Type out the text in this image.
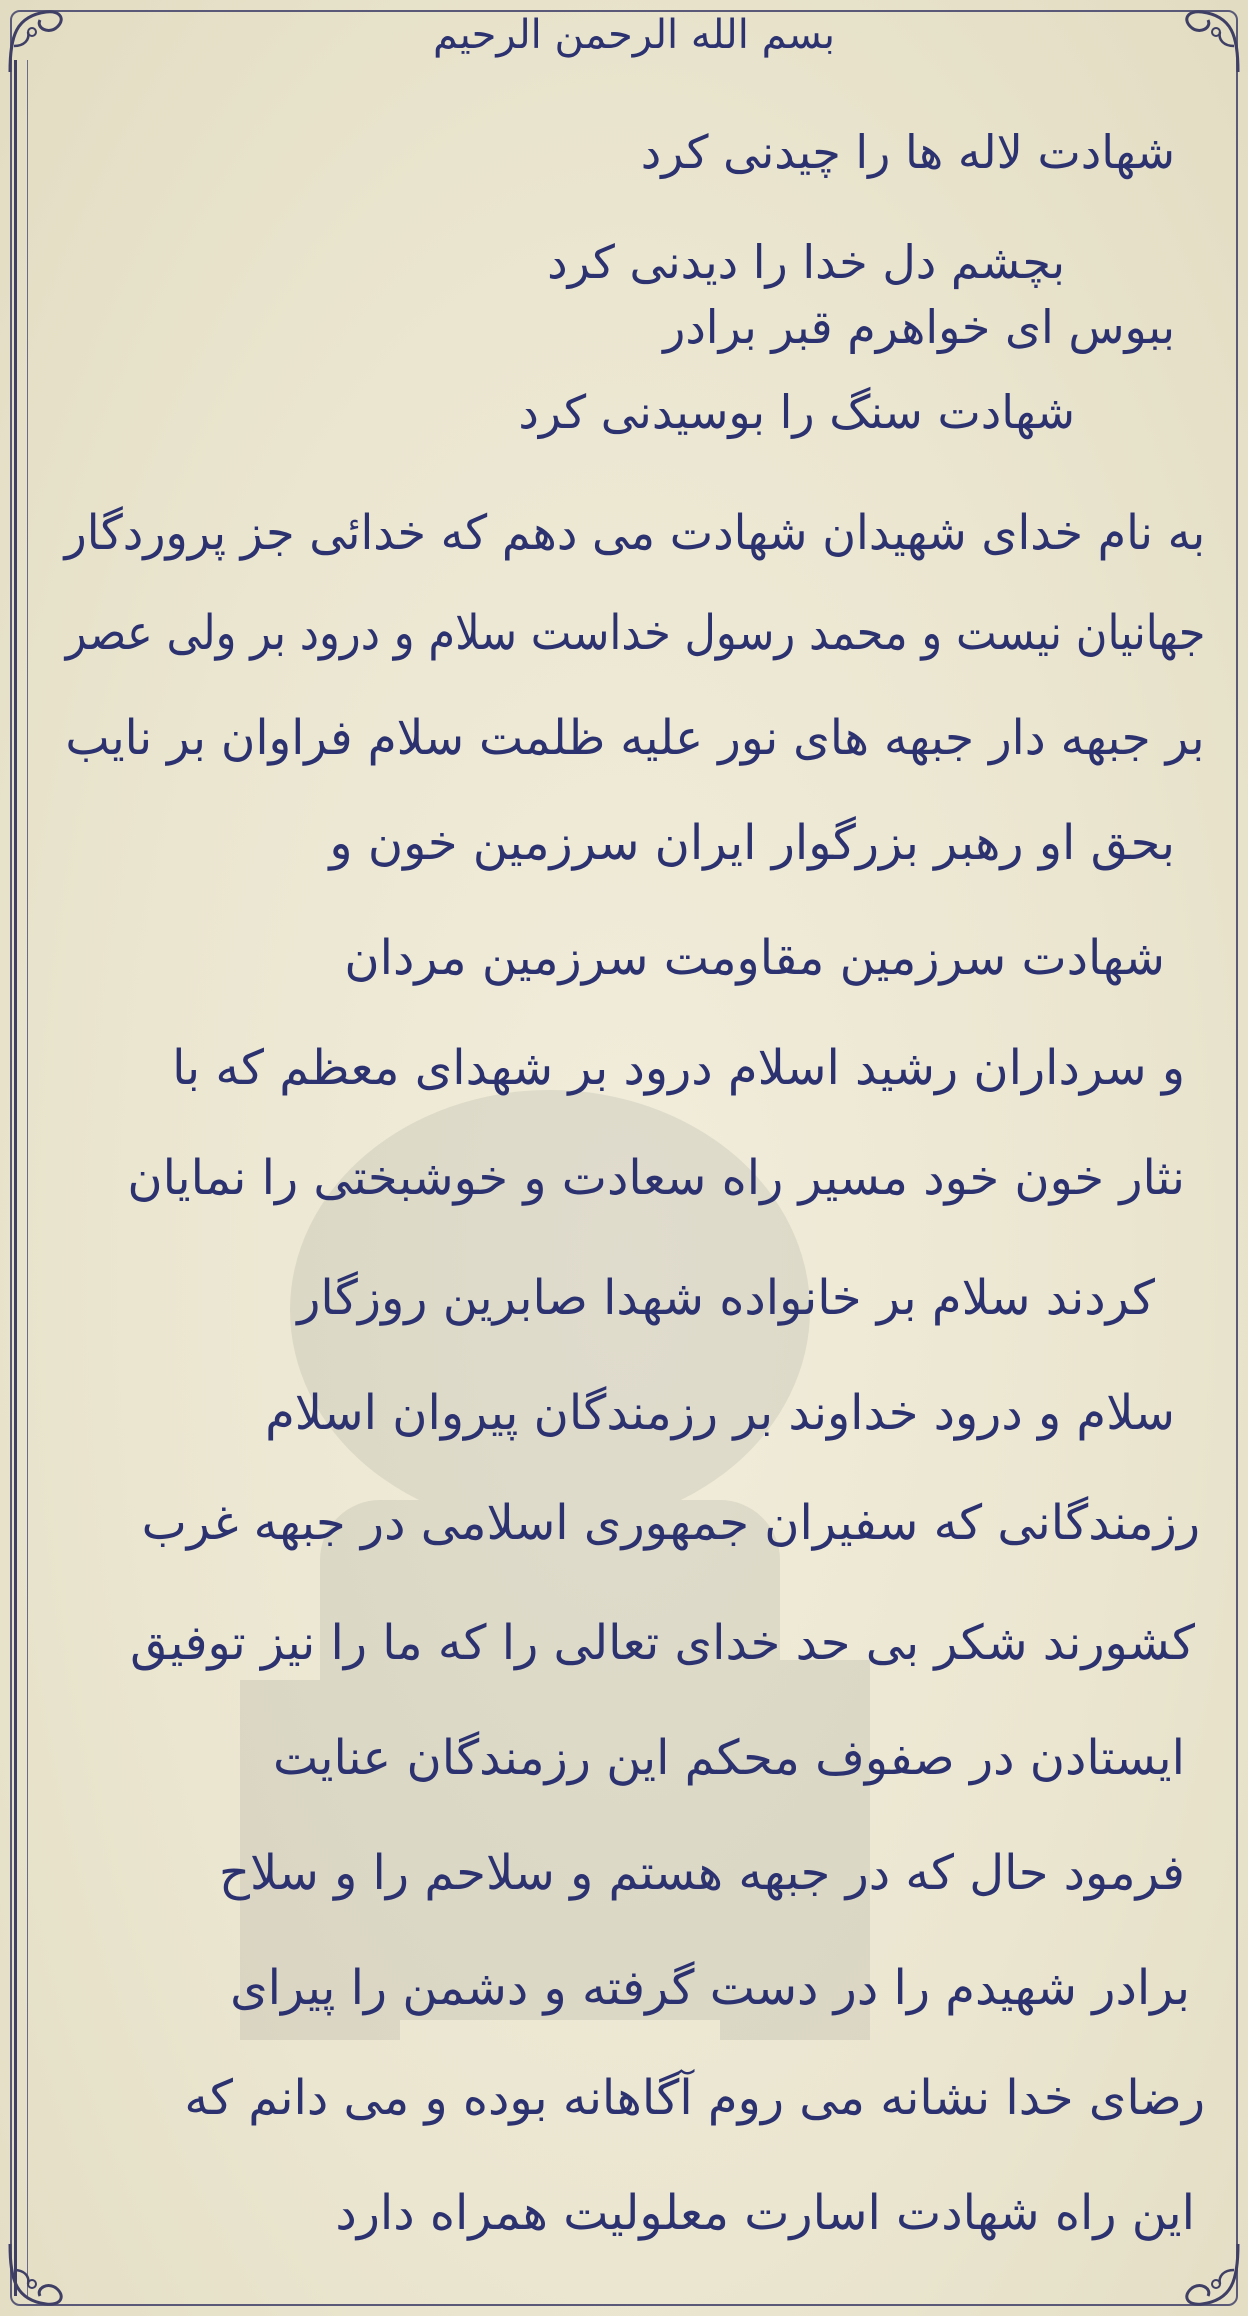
بسم الله الرحمن الرحیم
شهادت لاله ها را چیدنی کرد
بچشم دل خدا را دیدنی کرد
ببوس ای خواهرم قبر برادر
شهادت سنگ را بوسیدنی کرد
به نام خدای شهیدان شهادت می دهم که خدائی جز پروردگار
جهانیان نیست و محمد رسول خداست سلام و درود بر ولی عصر
بر جبهه دار جبهه های نور علیه ظلمت سلام فراوان بر نایب
بحق او رهبر بزرگوار ایران سرزمین خون و
شهادت سرزمین مقاومت سرزمین مردان
و سرداران رشید اسلام درود بر شهدای معظم که با
نثار خون خود مسیر راه سعادت و خوشبختی را نمایان
کردند سلام بر خانواده شهدا صابرین روزگار
سلام و درود خداوند بر رزمندگان پیروان اسلام
رزمندگانی که سفیران جمهوری اسلامی در جبهه غرب
کشورند شکر بی حد خدای تعالی را که ما را نیز توفیق
ایستادن در صفوف محکم این رزمندگان عنایت
فرمود حال که در جبهه هستم و سلاحم را و سلاح
برادر شهیدم را در دست گرفته و دشمن را پیرای
رضای خدا نشانه می روم آگاهانه بوده و می دانم که
این راه شهادت اسارت معلولیت همراه دارد
